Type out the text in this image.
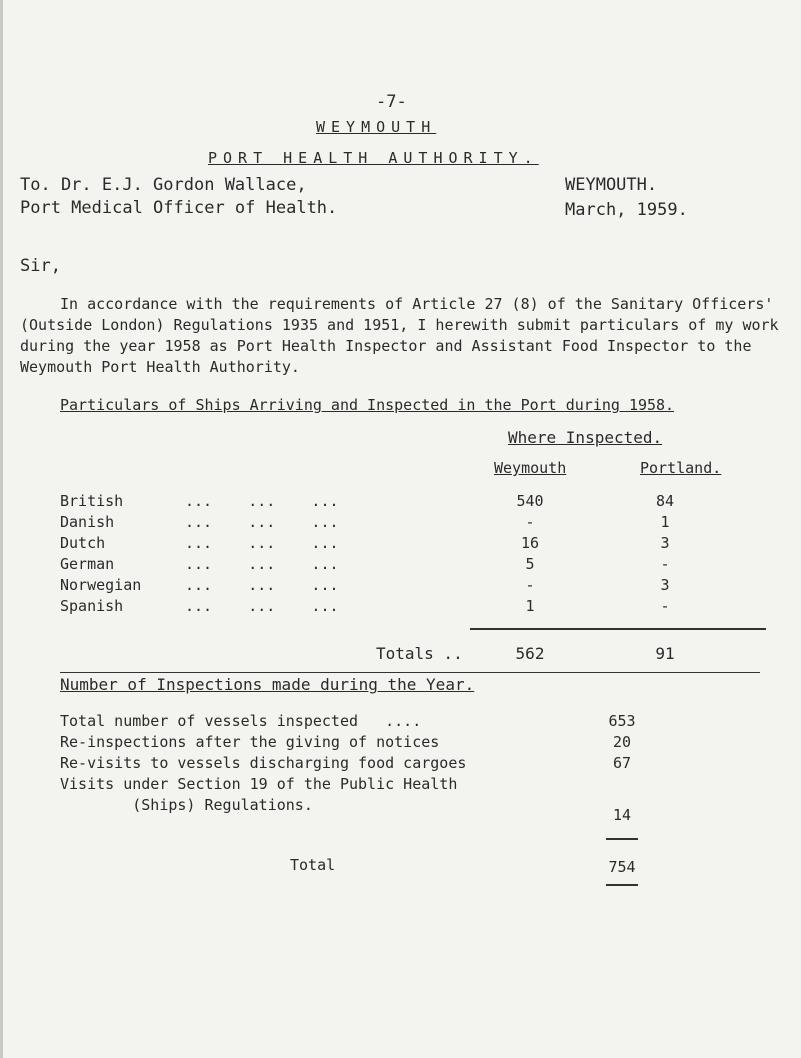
-7-
WEYMOUTH
PORT HEALTH AUTHORITY.
To. Dr. E.J. Gordon Wallace,
Port Medical Officer of Health.
WEYMOUTH.
March, 1959.
Sir,
In accordance with the requirements of Article 27 (8) of the Sanitary Officers'
(Outside London) Regulations 1935 and 1951, I herewith submit particulars of my work
during the year 1958 as Port Health Inspector and Assistant Food Inspector to the
Weymouth Port Health Authority.
Particulars of Ships Arriving and Inspected in the Port during 1958.
Where Inspected.
Weymouth	Portland.
British	...    ...    ...	540	84
Danish	...    ...    ...	-	1
Dutch	...    ...    ...	16	3
German	...    ...    ...	5	-
Norwegian	...    ...    ...	-	3
Spanish	...    ...    ...	1	-
Totals ..	562	91
Number of Inspections made during the Year.
Total number of vessels inspected   ....	653
Re-inspections after the giving of notices	20
Re-visits to vessels discharging food cargoes	67
Visits under Section 19 of the Public Health
(Ships) Regulations.
14
Total	754
